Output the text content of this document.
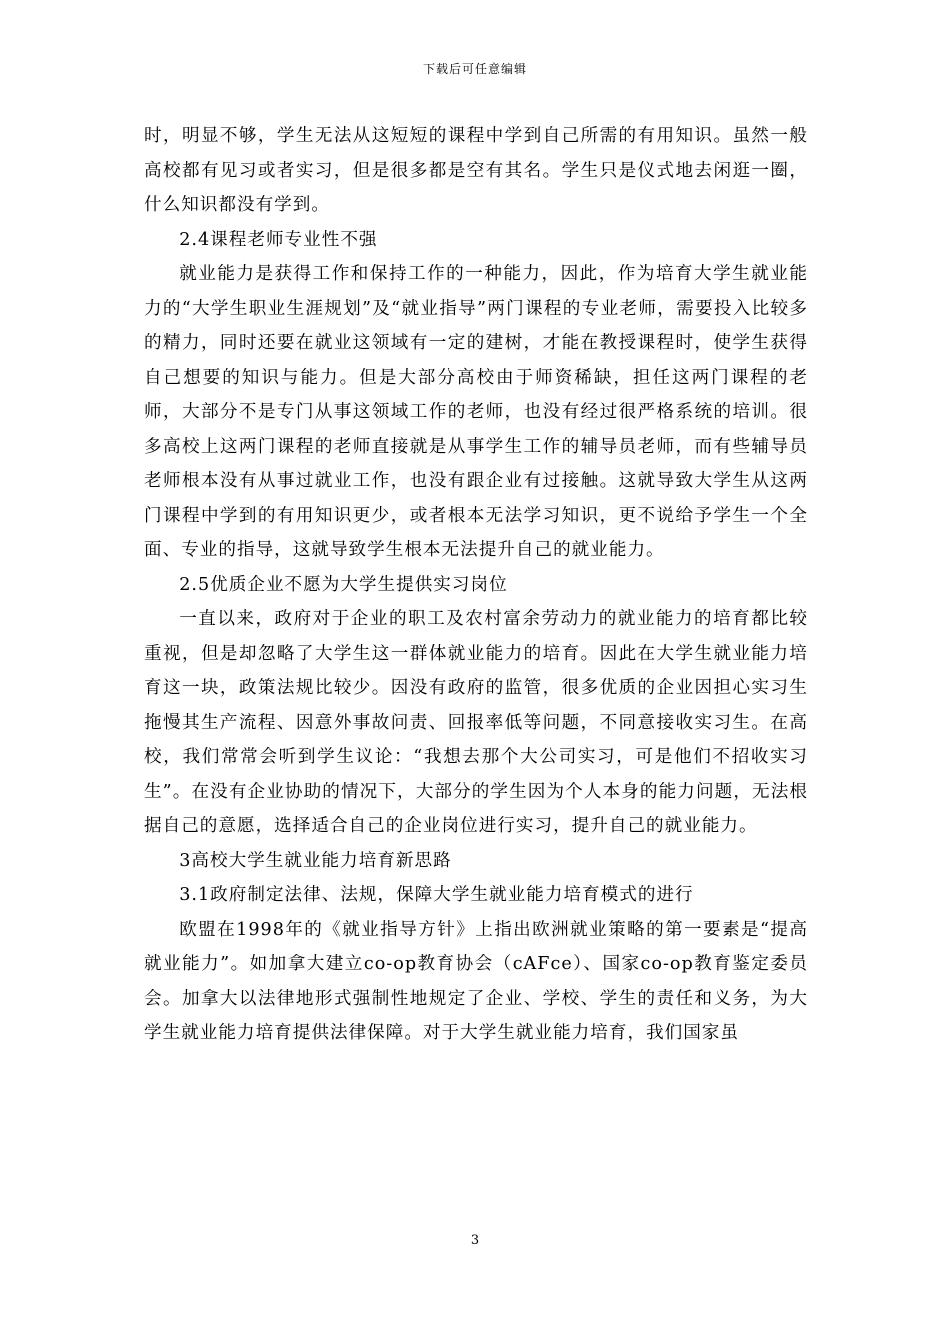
下载后可任意编辑

时，明显不够，学生无法从这短短的课程中学到自己所需的有用知识。虽然一般高校都有见习或者实习，但是很多都是空有其名。学生只是仪式地去闲逛一圈，什么知识都没有学到。

2.4课程老师专业性不强

就业能力是获得工作和保持工作的一种能力，因此，作为培育大学生就业能力的“大学生职业生涯规划”及“就业指导”两门课程的专业老师，需要投入比较多的精力，同时还要在就业这领域有一定的建树，才能在教授课程时，使学生获得自己想要的知识与能力。但是大部分高校由于师资稀缺，担任这两门课程的老师，大部分不是专门从事这领域工作的老师，也没有经过很严格系统的培训。很多高校上这两门课程的老师直接就是从事学生工作的辅导员老师，而有些辅导员老师根本没有从事过就业工作，也没有跟企业有过接触。这就导致大学生从这两门课程中学到的有用知识更少，或者根本无法学习知识，更不说给予学生一个全面、专业的指导，这就导致学生根本无法提升自己的就业能力。

2.5优质企业不愿为大学生提供实习岗位

一直以来，政府对于企业的职工及农村富余劳动力的就业能力的培育都比较重视，但是却忽略了大学生这一群体就业能力的培育。因此在大学生就业能力培育这一块，政策法规比较少。因没有政府的监管，很多优质的企业因担心实习生拖慢其生产流程、因意外事故问责、回报率低等问题，不同意接收实习生。在高校，我们常常会听到学生议论：“我想去那个大公司实习，可是他们不招收实习生”。在没有企业协助的情况下，大部分的学生因为个人本身的能力问题，无法根据自己的意愿，选择适合自己的企业岗位进行实习，提升自己的就业能力。

3高校大学生就业能力培育新思路

3.1政府制定法律、法规，保障大学生就业能力培育模式的进行

欧盟在1998年的《就业指导方针》上指出欧洲就业策略的第一要素是“提高就业能力”。如加拿大建立co-op教育协会（cAFce）、国家co-op教育鉴定委员会。加拿大以法律地形式强制性地规定了企业、学校、学生的责任和义务，为大学生就业能力培育提供法律保障。对于大学生就业能力培育，我们国家虽

3
